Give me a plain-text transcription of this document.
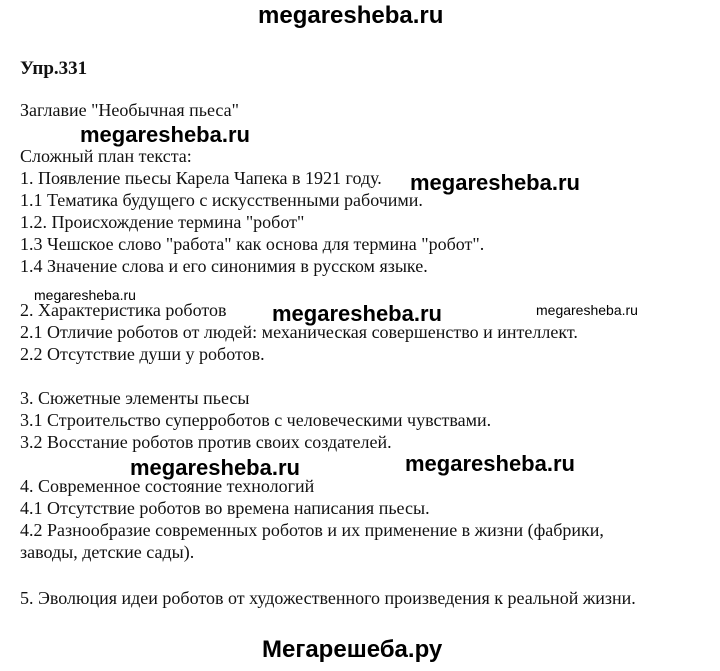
megaresheba.ru
Упр.331
Заглавие "Необычная пьеса"
megaresheba.ru
Сложный план текста:
1. Появление пьесы Карела Чапека в 1921 году. megaresheba.ru
1.1 Тематика будущего с искусственными рабочими.
1.2. Происхождение термина "робот"
1.3 Чешское слово "работа" как основа для термина "робот".
1.4 Значение слова и его синонимия в русском языке.
megaresheba.ru
megaresheba.ru	megaresheba.ru
2. Характеристика роботов
2.1 Отличие роботов от людей: механическая совершенство и интеллект.
2.2 Отсутствие души у роботов.
3. Сюжетные элементы пьесы
3.1 Строительство суперроботов с человеческими чувствами.
3.2 Восстание роботов против своих создателей.
megaresheba.ru	megaresheba.ru
4. Современное состояние технологий
4.1 Отсутствие роботов во времена написания пьесы.
4.2 Разнообразие современных роботов и их применение в жизни (фабрики,
заводы, детские сады).
5. Эволюция идеи роботов от художественного произведения к реальной жизни.
Мегарешеба.ру
